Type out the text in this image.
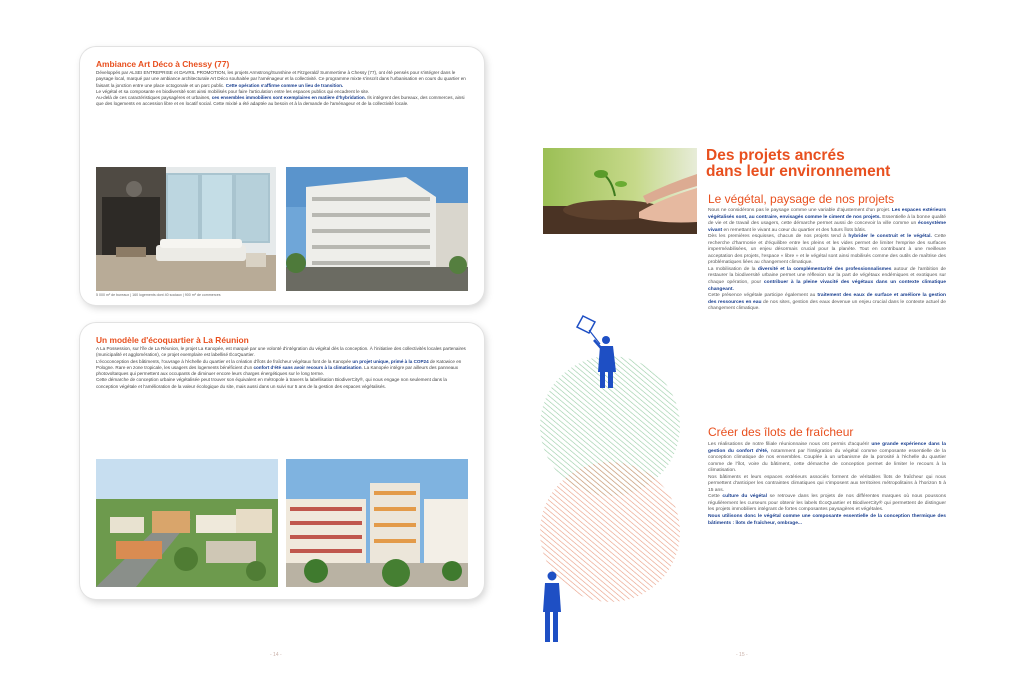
Ambiance Art Déco à Chessy (77)

Développés par ALSEI ENTREPRISE et DAVRIL PROMOTION, les projets Armstrong/Sunshine et Fitzgerald/ Summertime à Chessy (77), ont été pensés pour s'intégrer dans le paysage local, marqué par une ambiance architecturale Art Déco souhaitée par l'aménageur et la collectivité. Ce programme mixte s'inscrit dans l'urbanisation en cours du quartier en faisant la jonction entre une place octogonale et un parc public. Cette opération s'affirme comme un lieu de transition.
Le végétal et sa composante en biodiversité sont ainsi mobilisés pour faire l'articulation entre les espaces publics qui encadrent le site.
Au-delà de ces caractéristiques paysagères et urbaines, ces ensembles immobiliers sont exemplaires en matière d'hybridation. Ils intègrent des bureaux, des commerces, ainsi que des logements en accession libre et en locatif social. Cette mixité a été adaptée au besoin et à la demande de l'aménageur et de la collectivité locale.

5 000 m² de bureaux | 160 logements dont 40 sociaux | 900 m² de commerces
Un modèle d'écoquartier à La Réunion

A La Possession, sur l'île de La Réunion, le projet La Kanopée, est marqué par une volonté d'intégration du végétal dès la conception. À l'initiative des collectivités locales partenaires (municipalité et agglomération), ce projet exemplaire est labellisé ÉcoQuartier.
L'écoconception des bâtiments, l'ouvrage à l'échelle du quartier et la création d'îlots de fraîcheur végétaux font de la Kanopée un projet unique, primé à la COP24 de Katowice en Pologne. Rare en zone tropicale, les usagers des logements bénéficient d'un confort d'été sans avoir recours à la climatisation. La Kanopée intègre par ailleurs des panneaux photovoltaïques qui permettent aux occupants de diminuer encore leurs charges énergétiques sur le long terme.
Cette démarche de conception urbaine végétalisée peut trouver son équivalent en métropole à travers la labellisation BiodiverCity®, qui nous engage non seulement dans la conception végétale et l'amélioration de la valeur écologique du site, mais aussi dans un suivi sur 5 ans de la gestion des espaces végétalisés.

- 14 -
Des projets ancrés
dans leur environnement
Le végétal, paysage de nos projets
Nous ne considérons pas le paysage comme une variable d'ajustement d'un projet. Les espaces extérieurs végétalisés sont, au contraire, envisagés comme le ciment de nos projets. Essentielle à la bonne qualité de vie et de travail des usagers, cette démarche permet aussi de concevoir la ville comme un écosystème vivant en remettant le vivant au cœur du quartier et des futurs îlots bâtis.
Dès les premières esquisses, chacun de nos projets tend à hybrider le construit et le végétal. Cette recherche d'harmonie et d'équilibre entre les pleins et les vides permet de limiter l'emprise des surfaces imperméabilisées, un enjeu désormais crucial pour la planète. Tout en contribuant à une meilleure acceptation des projets, l'espace « libre » et le végétal sont ainsi mobilisés comme des outils de maîtrise des problématiques liées au changement climatique.
La mobilisation de la diversité et la complémentarité des professionnalismes autour de l'ambition de restaurer la biodiversité urbaine permet une réflexion sur la part de végétaux endémiques et exotiques sur chaque opération, pour contribuer à la pleine vivacité des végétaux dans un contexte climatique changeant.
Cette présence végétale participe également au traitement des eaux de surface et améliore la gestion des ressources en eau de nos sites, gestion des eaux devenue un enjeu crucial dans le contexte actuel de changement climatique.
Créer des îlots de fraîcheur
Les réalisations de notre filiale réunionnaise nous ont permis d'acquérir une grande expérience dans la gestion du confort d'été, notamment par l'intégration du végétal comme composante essentielle de la conception climatique de nos ensembles. Couplée à un urbanisme de la porosité à l'échelle du quartier comme de l'îlot, voire du bâtiment, cette démarche de conception permet de limiter le recours à la climatisation.
Nos bâtiments et leurs espaces extérieurs associés forment de véritables îlots de fraîcheur qui nous permettent d'anticiper les contraintes climatiques qui s'imposent aux territoires métropolitains à l'horizon 5 à 15 ans.
Cette culture du végétal se retrouve dans les projets de nos différentes marques où nous poussons régulièrement les curseurs pour obtenir les labels ÉcoQuartier et BiodiverCity® qui permettent de distinguer les projets immobiliers intégrant de fortes composantes paysagères et végétales.
Nous utilisons donc le végétal comme une composante essentielle de la conception thermique des bâtiments : îlots de fraîcheur, ombrage...
- 15 -
